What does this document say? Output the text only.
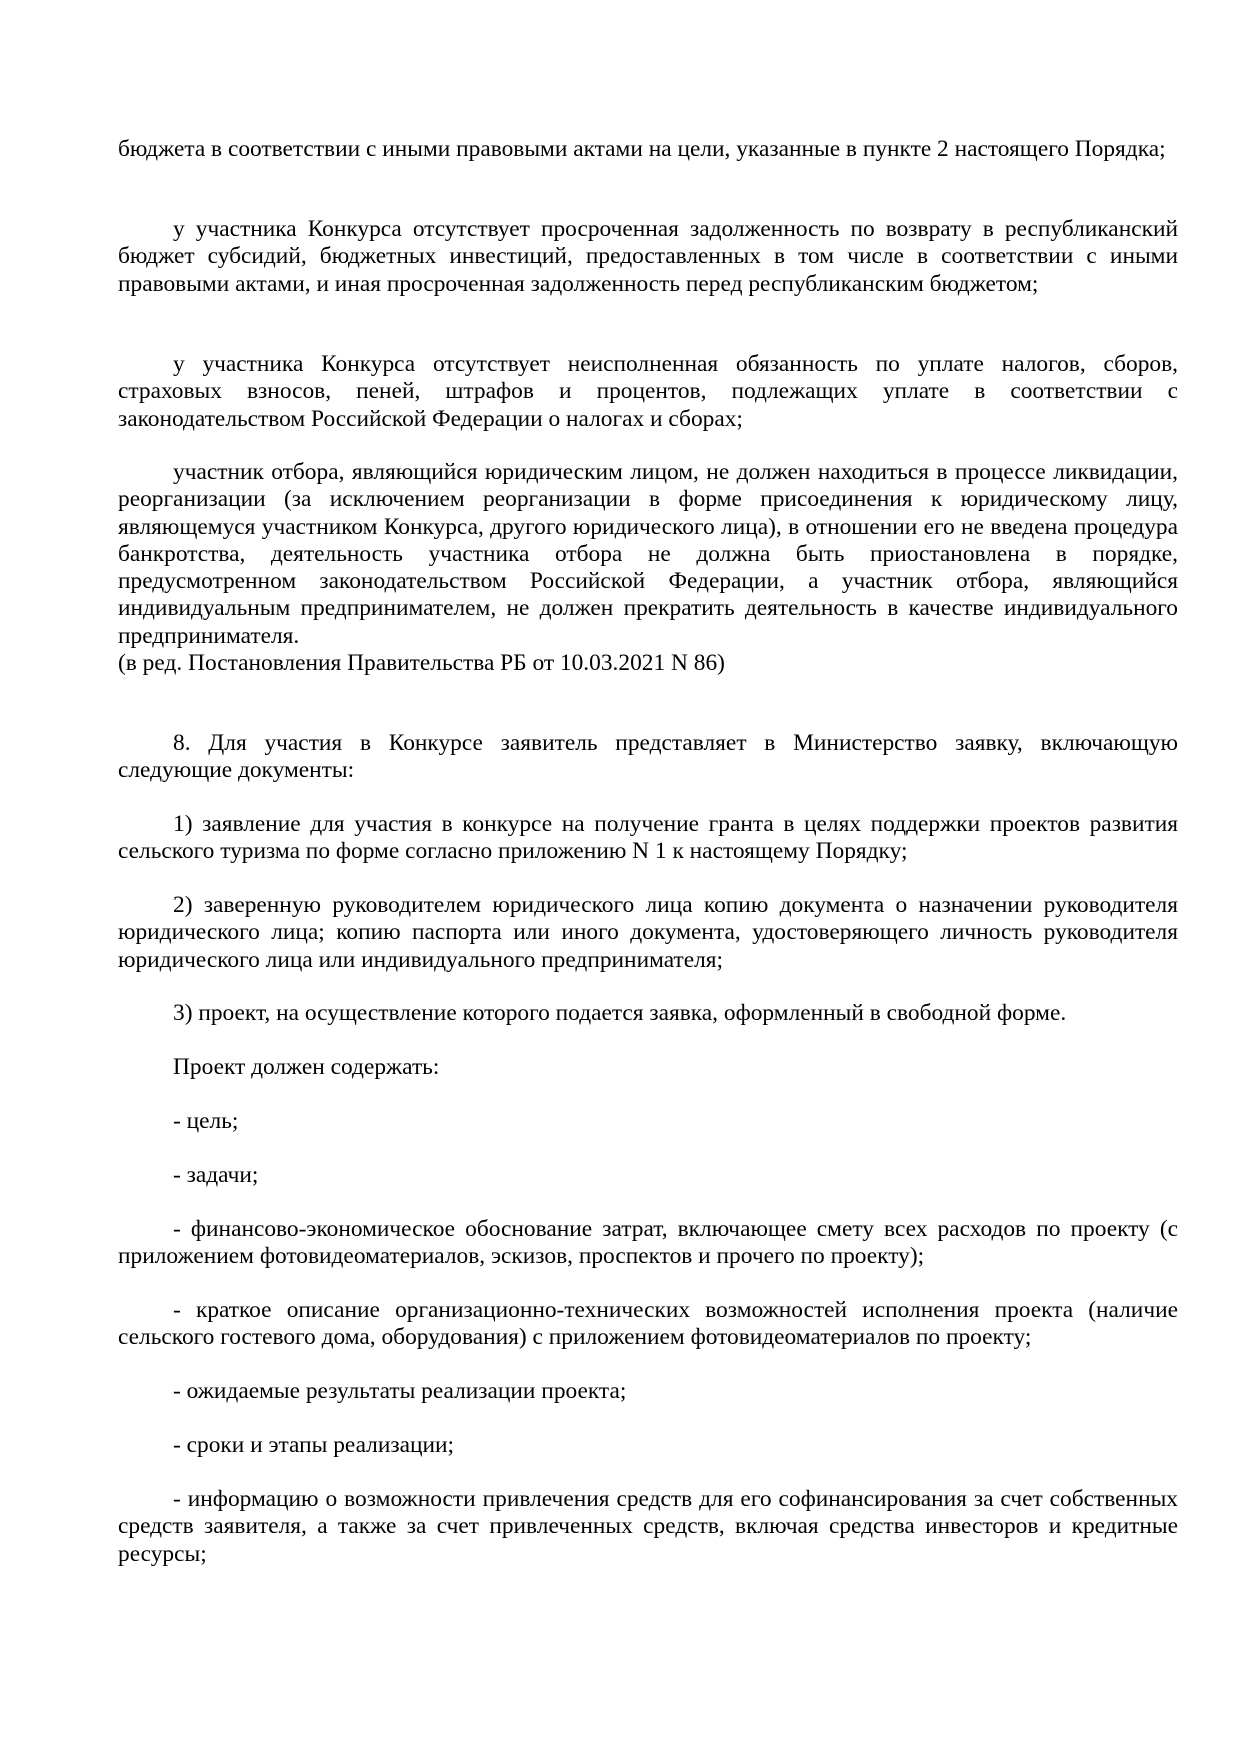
бюджета в соответствии с иными правовыми актами на цели, указанные в пункте 2 настоящего Порядка;

у участника Конкурса отсутствует просроченная задолженность по возврату в республиканский бюджет субсидий, бюджетных инвестиций, предоставленных в том числе в соответствии с иными правовыми актами, и иная просроченная задолженность перед республиканским бюджетом;

у участника Конкурса отсутствует неисполненная обязанность по уплате налогов, сборов, страховых взносов, пеней, штрафов и процентов, подлежащих уплате в соответствии с законодательством Российской Федерации о налогах и сборах;

участник отбора, являющийся юридическим лицом, не должен находиться в процессе ликвидации, реорганизации (за исключением реорганизации в форме присоединения к юридическому лицу, являющемуся участником Конкурса, другого юридического лица), в отношении его не введена процедура банкротства, деятельность участника отбора не должна быть приостановлена в порядке, предусмотренном законодательством Российской Федерации, а участник отбора, являющийся индивидуальным предпринимателем, не должен прекратить деятельность в качестве индивидуального предпринимателя.
(в ред. Постановления Правительства РБ от 10.03.2021 N 86)

8. Для участия в Конкурсе заявитель представляет в Министерство заявку, включающую следующие документы:

1) заявление для участия в конкурсе на получение гранта в целях поддержки проектов развития сельского туризма по форме согласно приложению N 1 к настоящему Порядку;

2) заверенную руководителем юридического лица копию документа о назначении руководителя юридического лица; копию паспорта или иного документа, удостоверяющего личность руководителя юридического лица или индивидуального предпринимателя;

3) проект, на осуществление которого подается заявка, оформленный в свободной форме.

Проект должен содержать:

- цель;

- задачи;

- финансово-экономическое обоснование затрат, включающее смету всех расходов по проекту (с приложением фотовидеоматериалов, эскизов, проспектов и прочего по проекту);

- краткое описание организационно-технических возможностей исполнения проекта (наличие сельского гостевого дома, оборудования) с приложением фотовидеоматериалов по проекту;

- ожидаемые результаты реализации проекта;

- сроки и этапы реализации;

- информацию о возможности привлечения средств для его софинансирования за счет собственных средств заявителя, а также за счет привлеченных средств, включая средства инвесторов и кредитные ресурсы;
